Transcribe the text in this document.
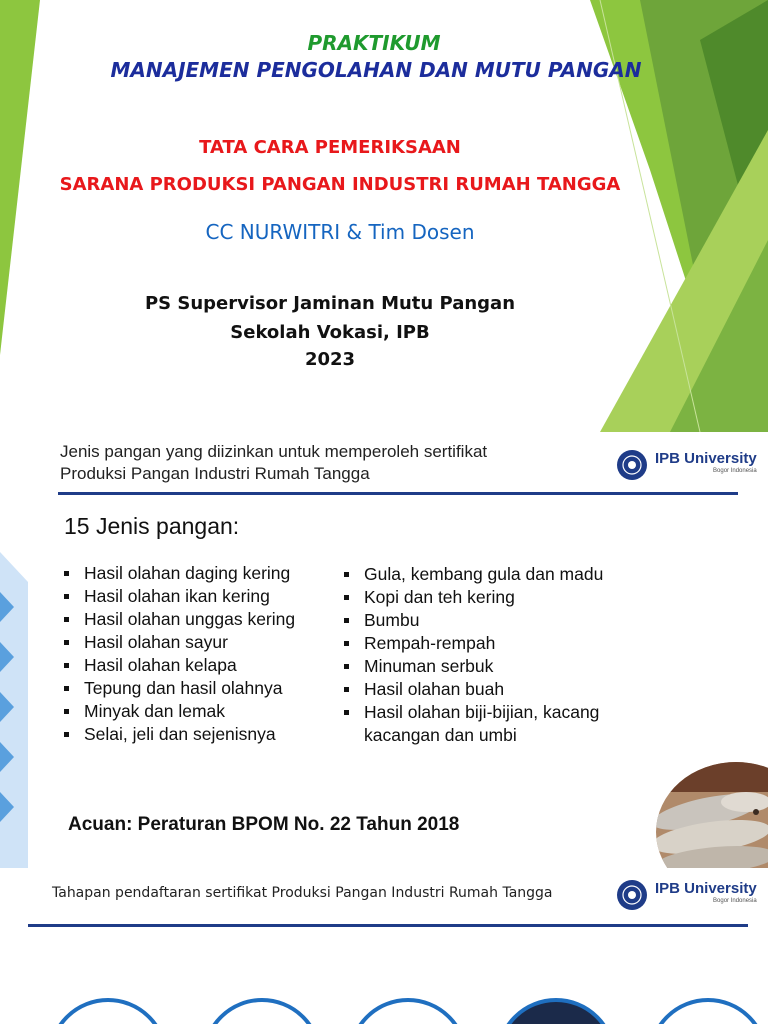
PRAKTIKUM

MANAJEMEN PENGOLAHAN DAN MUTU PANGAN

TATA CARA PEMERIKSAAN

SARANA PRODUKSI PANGAN INDUSTRI RUMAH TANGGA

CC NURWITRI & Tim Dosen

PS Supervisor Jaminan Mutu Pangan

Sekolah Vokasi, IPB

2023

Jenis pangan yang diizinkan untuk memperoleh sertifikat
Produksi Pangan Industri Rumah Tangga
IPB University
Bogor Indonesia

15 Jenis pangan:

Hasil olahan daging kering
Hasil olahan ikan kering
Hasil olahan unggas kering
Hasil olahan sayur
Hasil olahan kelapa
Tepung dan hasil olahnya
Minyak dan lemak
Selai, jeli dan sejenisnya
Gula, kembang gula dan madu
Kopi dan teh kering
Bumbu
Rempah-rempah
Minuman serbuk
Hasil olahan buah
Hasil olahan biji-bijian, kacang kacangan dan umbi

Acuan: Peraturan BPOM No. 22 Tahun 2018

Tahapan pendaftaran sertifikat Produksi Pangan Industri Rumah Tangga	IPB University
Bogor Indonesia
